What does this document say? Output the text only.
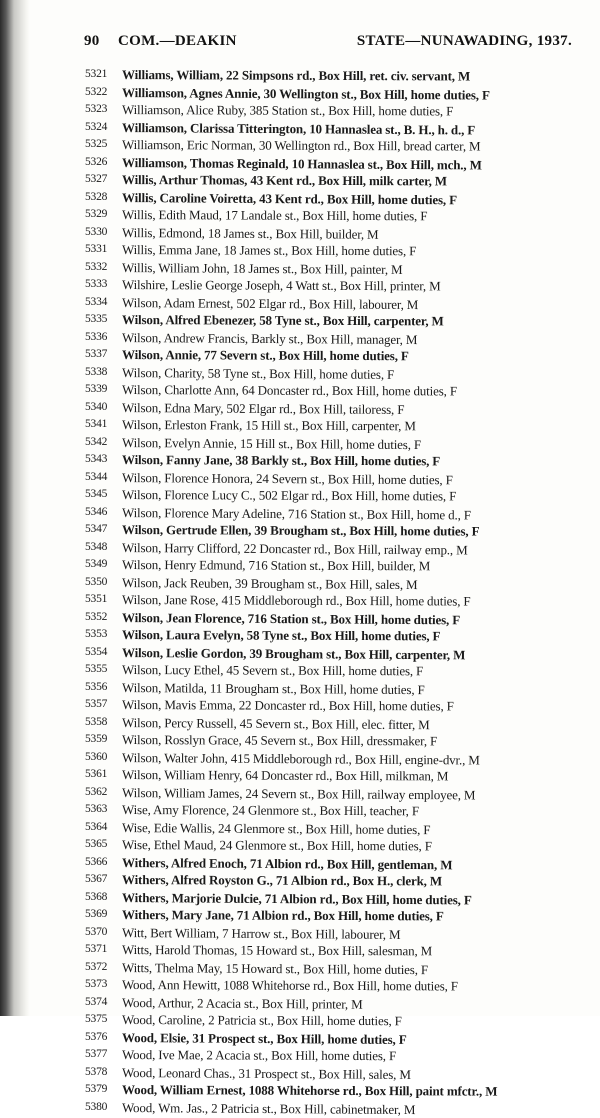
90 COM.—DEAKIN	STATE—NUNAWADING, 1937.
5321	Williams, William, 22 Simpsons rd., Box Hill, ret. civ. servant, M
5322	Williamson, Agnes Annie, 30 Wellington st., Box Hill, home duties, F
5323	Williamson, Alice Ruby, 385 Station st., Box Hill, home duties, F
5324	Williamson, Clarissa Titterington, 10 Hannaslea st., B. H., h. d., F
5325	Williamson, Eric Norman, 30 Wellington rd., Box Hill, bread carter, M
5326	Williamson, Thomas Reginald, 10 Hannaslea st., Box Hill, mch., M
5327	Willis, Arthur Thomas, 43 Kent rd., Box Hill, milk carter, M
5328	Willis, Caroline Voiretta, 43 Kent rd., Box Hill, home duties, F
5329	Willis, Edith Maud, 17 Landale st., Box Hill, home duties, F
5330	Willis, Edmond, 18 James st., Box Hill, builder, M
5331	Willis, Emma Jane, 18 James st., Box Hill, home duties, F
5332	Willis, William John, 18 James st., Box Hill, painter, M
5333	Wilshire, Leslie George Joseph, 4 Watt st., Box Hill, printer, M
5334	Wilson, Adam Ernest, 502 Elgar rd., Box Hill, labourer, M
5335	Wilson, Alfred Ebenezer, 58 Tyne st., Box Hill, carpenter, M
5336	Wilson, Andrew Francis, Barkly st., Box Hill, manager, M
5337	Wilson, Annie, 77 Severn st., Box Hill, home duties, F
5338	Wilson, Charity, 58 Tyne st., Box Hill, home duties, F
5339	Wilson, Charlotte Ann, 64 Doncaster rd., Box Hill, home duties, F
5340	Wilson, Edna Mary, 502 Elgar rd., Box Hill, tailoress, F
5341	Wilson, Erleston Frank, 15 Hill st., Box Hill, carpenter, M
5342	Wilson, Evelyn Annie, 15 Hill st., Box Hill, home duties, F
5343	Wilson, Fanny Jane, 38 Barkly st., Box Hill, home duties, F
5344	Wilson, Florence Honora, 24 Severn st., Box Hill, home duties, F
5345	Wilson, Florence Lucy C., 502 Elgar rd., Box Hill, home duties, F
5346	Wilson, Florence Mary Adeline, 716 Station st., Box Hill, home d., F
5347	Wilson, Gertrude Ellen, 39 Brougham st., Box Hill, home duties, F
5348	Wilson, Harry Clifford, 22 Doncaster rd., Box Hill, railway emp., M
5349	Wilson, Henry Edmund, 716 Station st., Box Hill, builder, M
5350	Wilson, Jack Reuben, 39 Brougham st., Box Hill, sales, M
5351	Wilson, Jane Rose, 415 Middleborough rd., Box Hill, home duties, F
5352	Wilson, Jean Florence, 716 Station st., Box Hill, home duties, F
5353	Wilson, Laura Evelyn, 58 Tyne st., Box Hill, home duties, F
5354	Wilson, Leslie Gordon, 39 Brougham st., Box Hill, carpenter, M
5355	Wilson, Lucy Ethel, 45 Severn st., Box Hill, home duties, F
5356	Wilson, Matilda, 11 Brougham st., Box Hill, home duties, F
5357	Wilson, Mavis Emma, 22 Doncaster rd., Box Hill, home duties, F
5358	Wilson, Percy Russell, 45 Severn st., Box Hill, elec. fitter, M
5359	Wilson, Rosslyn Grace, 45 Severn st., Box Hill, dressmaker, F
5360	Wilson, Walter John, 415 Middleborough rd., Box Hill, engine-dvr., M
5361	Wilson, William Henry, 64 Doncaster rd., Box Hill, milkman, M
5362	Wilson, William James, 24 Severn st., Box Hill, railway employee, M
5363	Wise, Amy Florence, 24 Glenmore st., Box Hill, teacher, F
5364	Wise, Edie Wallis, 24 Glenmore st., Box Hill, home duties, F
5365	Wise, Ethel Maud, 24 Glenmore st., Box Hill, home duties, F
5366	Withers, Alfred Enoch, 71 Albion rd., Box Hill, gentleman, M
5367	Withers, Alfred Royston G., 71 Albion rd., Box H., clerk, M
5368	Withers, Marjorie Dulcie, 71 Albion rd., Box Hill, home duties, F
5369	Withers, Mary Jane, 71 Albion rd., Box Hill, home duties, F
5370	Witt, Bert William, 7 Harrow st., Box Hill, labourer, M
5371	Witts, Harold Thomas, 15 Howard st., Box Hill, salesman, M
5372	Witts, Thelma May, 15 Howard st., Box Hill, home duties, F
5373	Wood, Ann Hewitt, 1088 Whitehorse rd., Box Hill, home duties, F
5374	Wood, Arthur, 2 Acacia st., Box Hill, printer, M
5375	Wood, Caroline, 2 Patricia st., Box Hill, home duties, F
5376	Wood, Elsie, 31 Prospect st., Box Hill, home duties, F
5377	Wood, Ive Mae, 2 Acacia st., Box Hill, home duties, F
5378	Wood, Leonard Chas., 31 Prospect st., Box Hill, sales, M
5379	Wood, William Ernest, 1088 Whitehorse rd., Box Hill, paint mfctr., M
5380	Wood, Wm. Jas., 2 Patricia st., Box Hill, cabinetmaker, M
